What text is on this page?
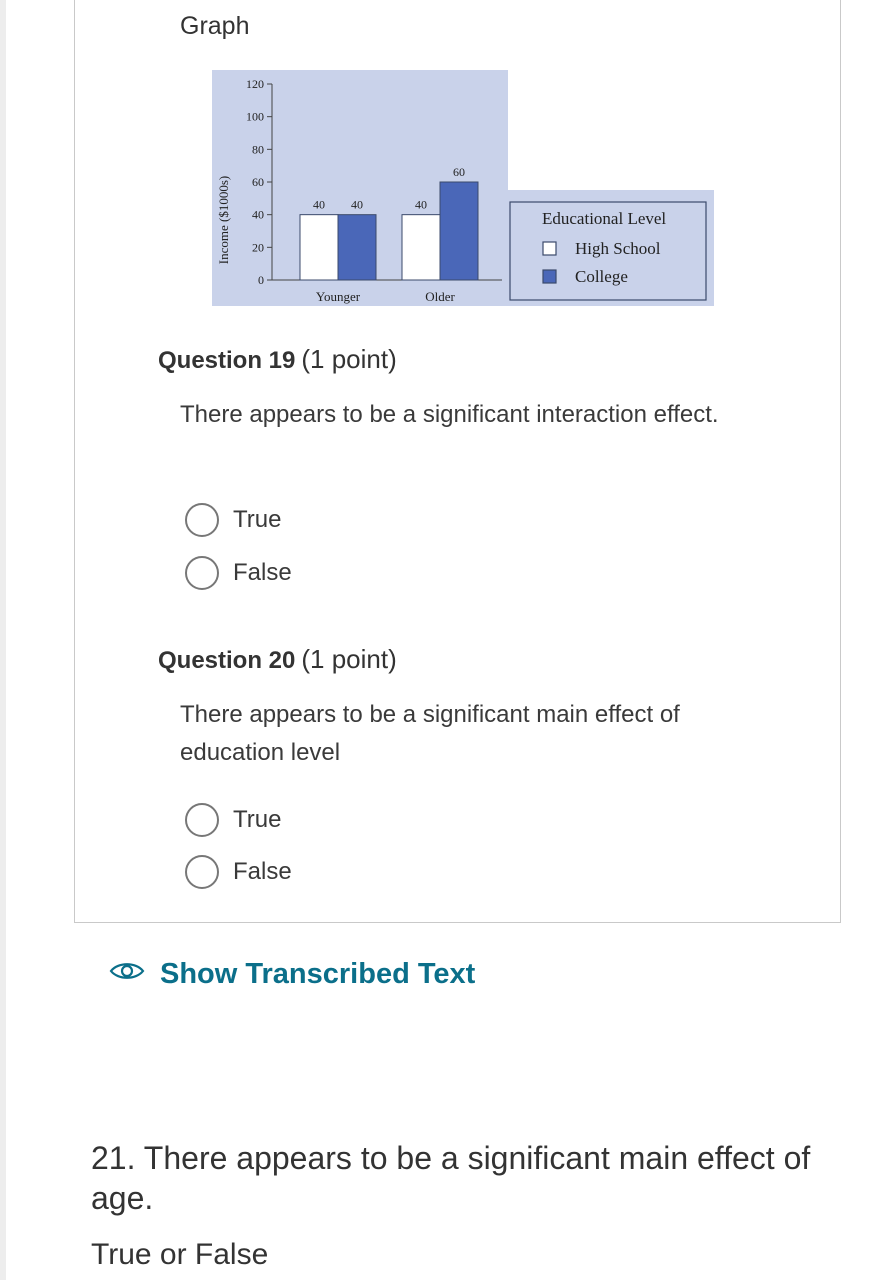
Graph
Educational Level
High School
College
Income ($1000s)
0
20
40
60
80
100
120
40 40
Younger
40
60
Older
Question 19 (1 point)
There appears to be a significant interaction effect.
True
False
Question 20 (1 point)
There appears to be a significant main effect of education level
True
False
Show Transcribed Text
21. There appears to be a significant main effect of age.
True or False
